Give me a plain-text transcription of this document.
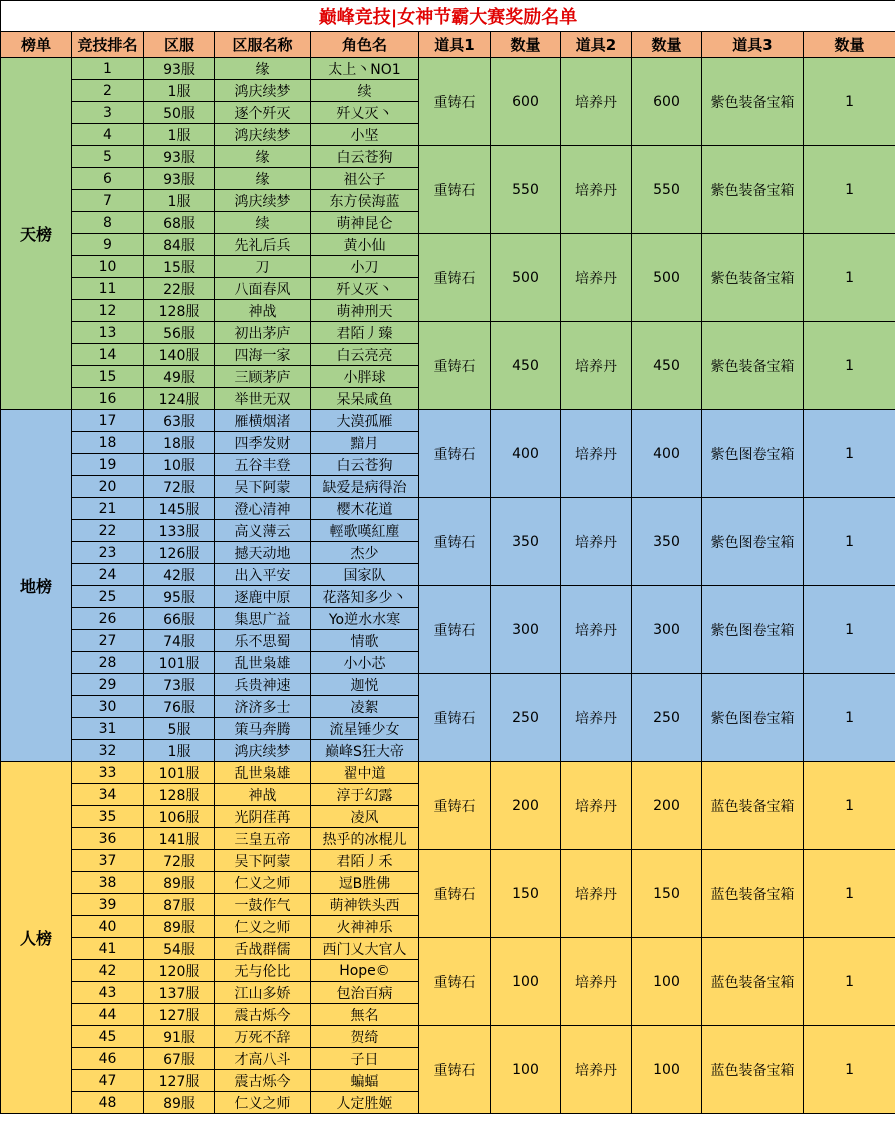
巅峰竞技|女神节霸大赛奖励名单										
榜单	竞技排名	区服	区服名称	角色名	道具1	数量	道具2	数量	道具3	数量
天榜	1	93服	缘	太上丶NO1	重铸石	600	培养丹	600	紫色装备宝箱	1
	2	1服	鸿庆续梦	续						
	3	50服	逐个歼灭	歼乂灭丶						
	4	1服	鸿庆续梦	小坚						
	5	93服	缘	白云苍狗	重铸石	550	培养丹	550	紫色装备宝箱	1
	6	93服	缘	祖公子						
	7	1服	鸿庆续梦	东方侯海蓝						
	8	68服	续	萌神昆仑						
	9	84服	先礼后兵	黄小仙	重铸石	500	培养丹	500	紫色装备宝箱	1
	10	15服	刀	小刀						
	11	22服	八面春风	歼乂灭丶						
	12	128服	神战	萌神刑天						
	13	56服	初出茅庐	君陌丿臻	重铸石	450	培养丹	450	紫色装备宝箱	1
	14	140服	四海一家	白云亮亮						
	15	49服	三顾茅庐	小胖球						
	16	124服	举世无双	呆呆咸鱼						
地榜	17	63服	雁横烟渚	大漠孤雁	重铸石	400	培养丹	400	紫色图卷宝箱	1
	18	18服	四季发财	黯月						
	19	10服	五谷丰登	白云苍狗						
	20	72服	吴下阿蒙	缺爱是病得治						
	21	145服	澄心清神	樱木花道	重铸石	350	培养丹	350	紫色图卷宝箱	1
	22	133服	高义薄云	輕歌嘆紅塵						
	23	126服	撼天动地	杰少						
	24	42服	出入平安	国家队						
	25	95服	逐鹿中原	花落知多少丶	重铸石	300	培养丹	300	紫色图卷宝箱	1
	26	66服	集思广益	Yo逆水水寒						
	27	74服	乐不思蜀	情歌						
	28	101服	乱世枭雄	小小芯						
	29	73服	兵贵神速	迦悦	重铸石	250	培养丹	250	紫色图卷宝箱	1
	30	76服	济济多士	凌絮						
	31	5服	策马奔腾	流星锤少女						
	32	1服	鸿庆续梦	巅峰S狂大帝						
人榜	33	101服	乱世枭雄	翟中道	重铸石	200	培养丹	200	蓝色装备宝箱	1
	34	128服	神战	淳于幻露						
	35	106服	光阴荏苒	凌风						
	36	141服	三皇五帝	热乎的冰棍儿						
	37	72服	吴下阿蒙	君陌丿禾	重铸石	150	培养丹	150	蓝色装备宝箱	1
	38	89服	仁义之师	逗B胜佛						
	39	87服	一鼓作气	萌神铁头西						
	40	89服	仁义之师	火神神乐						
	41	54服	舌战群儒	西门乂大官人	重铸石	100	培养丹	100	蓝色装备宝箱	1
	42	120服	无与伦比	Hope©						
	43	137服	江山多娇	包治百病						
	44	127服	震古烁今	無名						
	45	91服	万死不辞	贺绮	重铸石	100	培养丹	100	蓝色装备宝箱	1
	46	67服	才高八斗	子日						
	47	127服	震古烁今	蝙蝠						
	48	89服	仁义之师	人定胜姬						
